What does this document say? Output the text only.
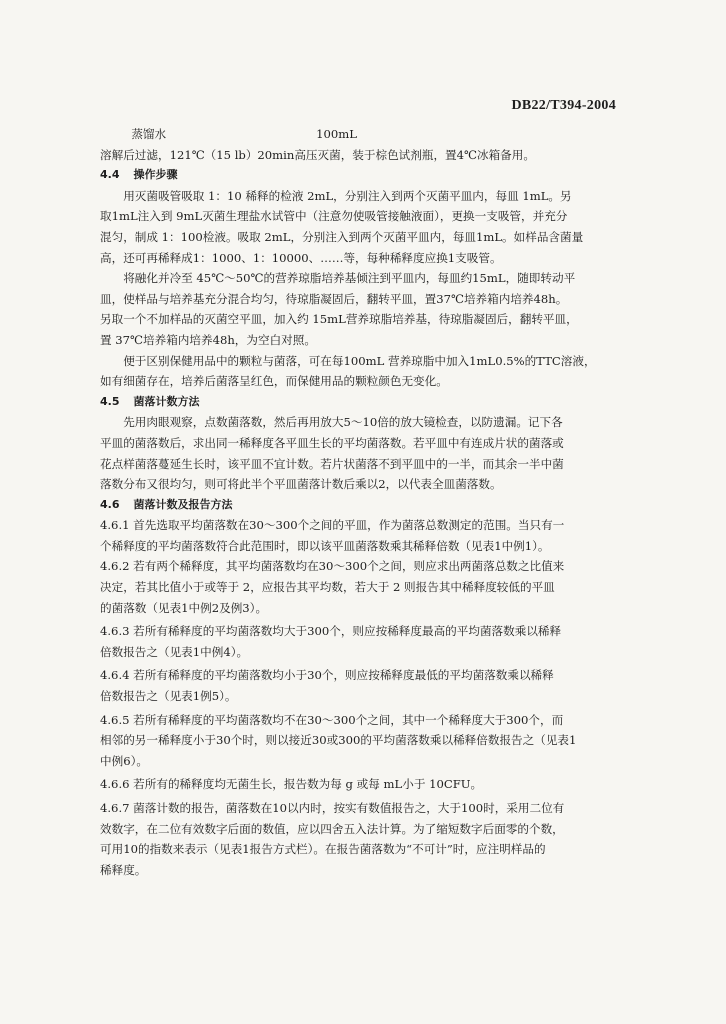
DB22/T394-2004

蒸馏水	100mL

溶解后过滤，121℃（15 lb）20min高压灭菌，装于棕色试剂瓶，置4℃冰箱备用。

4.4 操作步骤

用灭菌吸管吸取 1：10 稀释的检液 2mL，分别注入到两个灭菌平皿内，每皿 1mL。另

取1mL注入到 9mL灭菌生理盐水试管中（注意勿使吸管接触液面），更换一支吸管，并充分

混匀，制成 1：100检液。吸取 2mL，分别注入到两个灭菌平皿内，每皿1mL。如样品含菌量

高，还可再稀释成1：1000、1：10000、……等，每种稀释度应换1支吸管。

将融化并冷至 45℃～50℃的营养琼脂培养基倾注到平皿内，每皿约15mL，随即转动平

皿，使样品与培养基充分混合均匀，待琼脂凝固后，翻转平皿，置37℃培养箱内培养48h。

另取一个不加样品的灭菌空平皿，加入约 15mL营养琼脂培养基，待琼脂凝固后，翻转平皿，

置 37℃培养箱内培养48h，为空白对照。

便于区别保健用品中的颗粒与菌落，可在每100mL 营养琼脂中加入1mL0.5%的TTC溶液，

如有细菌存在，培养后菌落呈红色，而保健用品的颗粒颜色无变化。

4.5 菌落计数方法

先用肉眼观察，点数菌落数，然后再用放大5～10倍的放大镜检查，以防遗漏。记下各

平皿的菌落数后，求出同一稀释度各平皿生长的平均菌落数。若平皿中有连成片状的菌落或

花点样菌落蔓延生长时，该平皿不宜计数。若片状菌落不到平皿中的一半，而其余一半中菌

落数分布又很均匀，则可将此半个平皿菌落计数后乘以2，以代表全皿菌落数。

4.6 菌落计数及报告方法

4.6.1 首先选取平均菌落数在30～300个之间的平皿，作为菌落总数测定的范围。当只有一

个稀释度的平均菌落数符合此范围时，即以该平皿菌落数乘其稀释倍数（见表1中例1）。

4.6.2 若有两个稀释度，其平均菌落数均在30～300个之间，则应求出两菌落总数之比值来

决定，若其比值小于或等于 2，应报告其平均数，若大于 2 则报告其中稀释度较低的平皿

的菌落数（见表1中例2及例3）。

4.6.3 若所有稀释度的平均菌落数均大于300个，则应按稀释度最高的平均菌落数乘以稀释

倍数报告之（见表1中例4）。

4.6.4 若所有稀释度的平均菌落数均小于30个，则应按稀释度最低的平均菌落数乘以稀释

倍数报告之（见表1例5）。

4.6.5 若所有稀释度的平均菌落数均不在30～300个之间，其中一个稀释度大于300个，而

相邻的另一稀释度小于30个时，则以接近30或300的平均菌落数乘以稀释倍数报告之（见表1

中例6）。

4.6.6 若所有的稀释度均无菌生长，报告数为每 g 或每 mL小于 10CFU。

4.6.7 菌落计数的报告，菌落数在10以内时，按实有数值报告之，大于100时，采用二位有

效数字，在二位有效数字后面的数值，应以四舍五入法计算。为了缩短数字后面零的个数，

可用10的指数来表示（见表1报告方式栏）。在报告菌落数为“不可计”时，应注明样品的

稀释度。
